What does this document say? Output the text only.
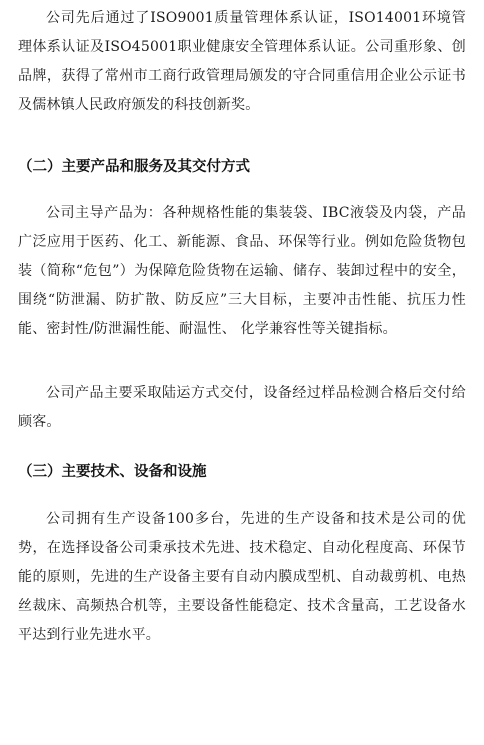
公司先后通过了ISO9001质量管理体系认证，ISO14001环境管理体系认证及ISO45001职业健康安全管理体系认证。公司重形象、创品牌，获得了常州市工商行政管理局颁发的守合同重信用企业公示证书及儒林镇人民政府颁发的科技创新奖。

（二）主要产品和服务及其交付方式

公司主导产品为：各种规格性能的集装袋、IBC液袋及内袋，产品广泛应用于医药、化工、新能源、食品、环保等行业。例如危险货物包装（简称“危包”）为保障危险货物在运输、储存、装卸过程中的安全，围绕“防泄漏、防扩散、防反应”三大目标，主要冲击性能、抗压力性能、密封性/防泄漏性能、耐温性、 化学兼容性等关键指标。

公司产品主要采取陆运方式交付，设备经过样品检测合格后交付给顾客。

（三）主要技术、设备和设施

公司拥有生产设备100多台，先进的生产设备和技术是公司的优势，在选择设备公司秉承技术先进、技术稳定、自动化程度高、环保节能的原则，先进的生产设备主要有自动内膜成型机、自动裁剪机、电热丝裁床、高频热合机等，主要设备性能稳定、技术含量高，工艺设备水平达到行业先进水平。
